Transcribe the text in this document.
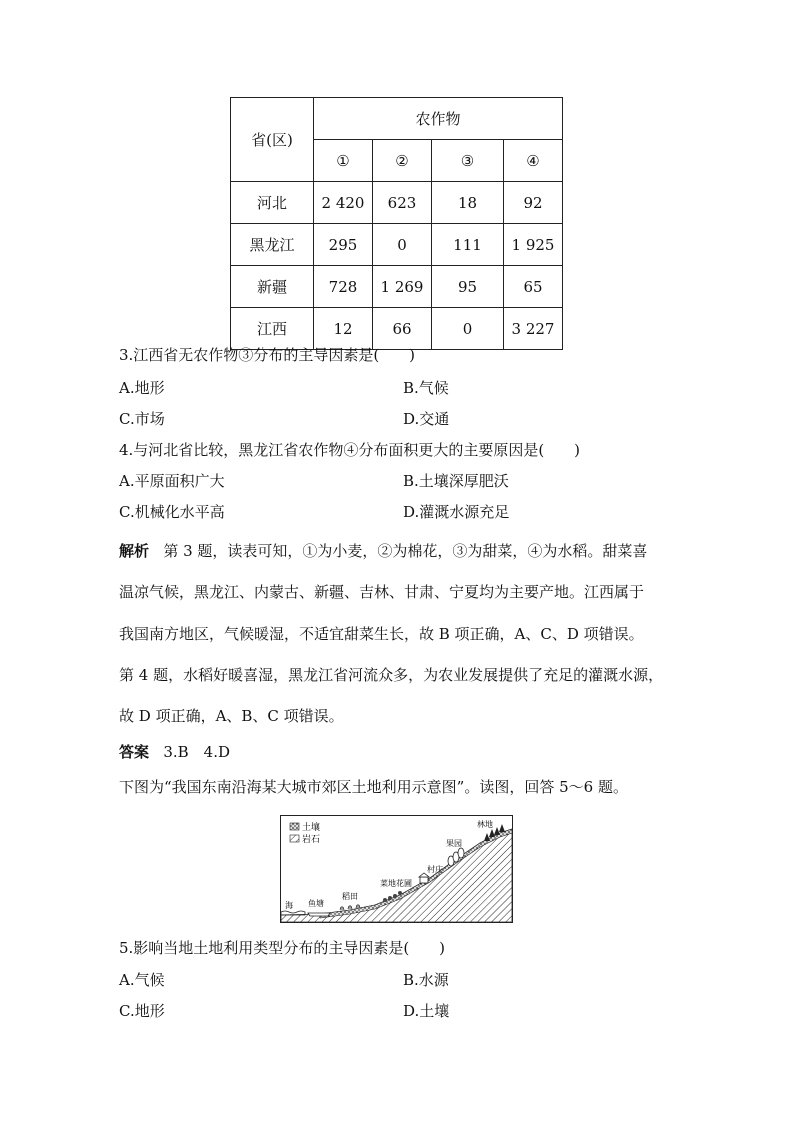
省(区)	农作物			
	①	②	③	④
河北	2 420	623	18	92
黑龙江	295	0	111	1 925
新疆	728	1 269	95	65
江西	12	66	0	3 227
3.江西省无农作物③分布的主导因素是(　　)
A.地形	B.气候
C.市场	D.交通
4.与河北省比较，黑龙江省农作物④分布面积更大的主要原因是(　　)
A.平原面积广大	B.土壤深厚肥沃
C.机械化水平高	D.灌溉水源充足
解析 第 3 题，读表可知，①为小麦，②为棉花，③为甜菜，④为水稻。甜菜喜
温凉气候，黑龙江、内蒙古、新疆、吉林、甘肃、宁夏均为主要产地。江西属于
我国南方地区，气候暖湿，不适宜甜菜生长，故 B 项正确，A、C、D 项错误。
第 4 题，水稻好暖喜湿，黑龙江省河流众多，为农业发展提供了充足的灌溉水源，
故 D 项正确，A、B、C 项错误。
答案 3.B　4.D
下图为“我国东南沿海某大城市郊区土地利用示意图”。读图，回答 5～6 题。
土壤
岩石
海 鱼塘
稻田
菜地花圃
村庄
果园
林地
5.影响当地土地利用类型分布的主导因素是(　　)
A.气候	B.水源
C.地形	D.土壤
